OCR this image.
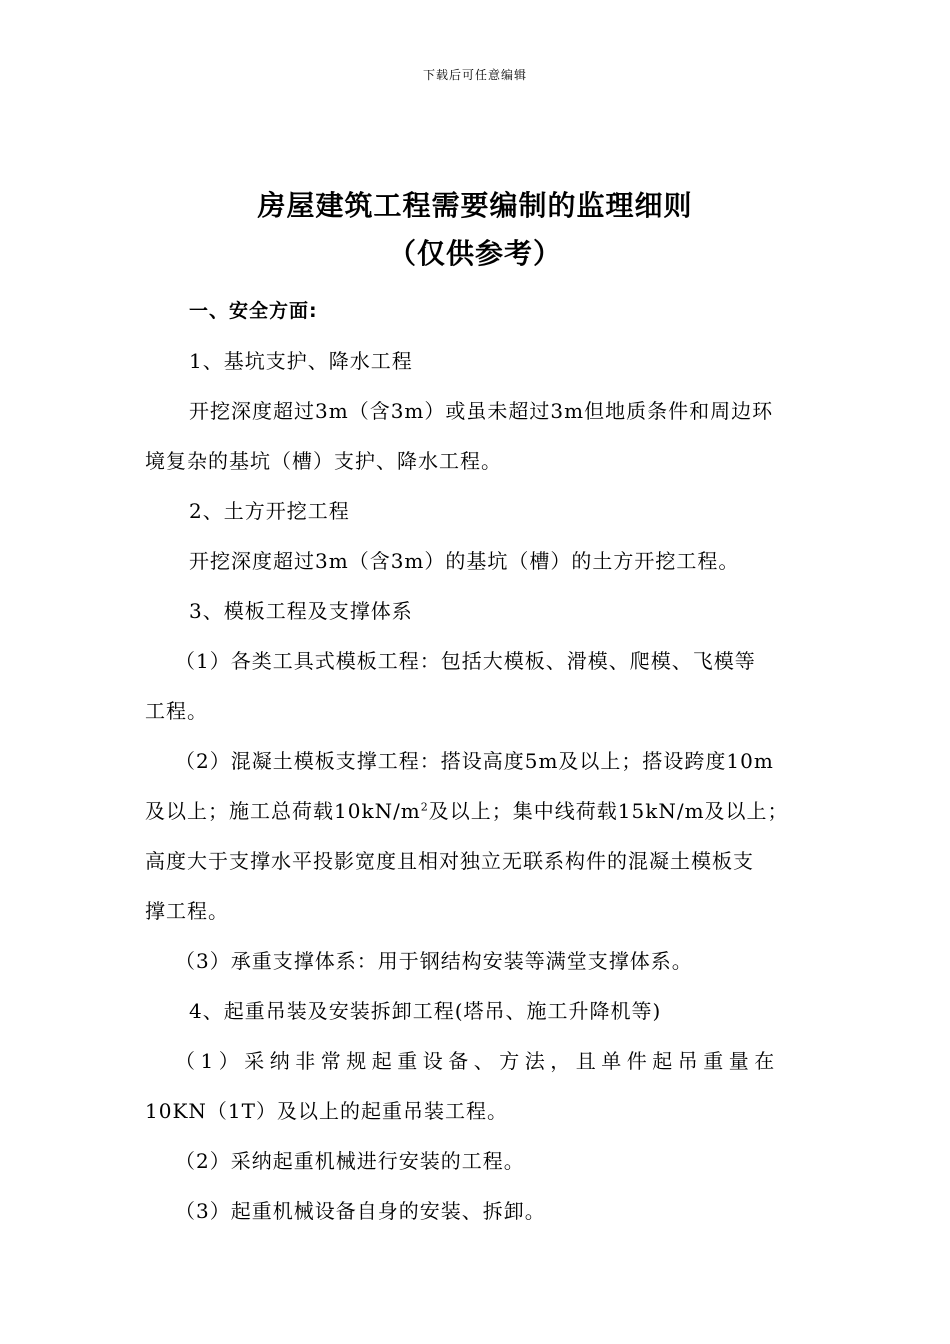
下载后可任意编辑
房屋建筑工程需要编制的监理细则
（仅供参考）
一、安全方面:
1、基坑支护、降水工程
开挖深度超过3m（含3m）或虽未超过3m但地质条件和周边环
境复杂的基坑（槽）支护、降水工程。
2、土方开挖工程
开挖深度超过3m（含3m）的基坑（槽）的土方开挖工程。
3、模板工程及支撑体系
（1）各类工具式模板工程：包括大模板、滑模、爬模、飞模等
工程。
（2）混凝土模板支撑工程：搭设高度5m及以上；搭设跨度10m
及以上；施工总荷载$10kN/m^2$及以上；集中线荷载15kN/m及以上；
高度大于支撑水平投影宽度且相对独立无联系构件的混凝土模板支
撑工程。
（3）承重支撑体系：用于钢结构安装等满堂支撑体系。
4、起重吊装及安装拆卸工程(塔吊、施工升降机等)
（1）采纳非常规起重设备、方法，且单件起吊重量在
10KN（1T）及以上的起重吊装工程。
（2）采纳起重机械进行安装的工程。
（3）起重机械设备自身的安装、拆卸。
